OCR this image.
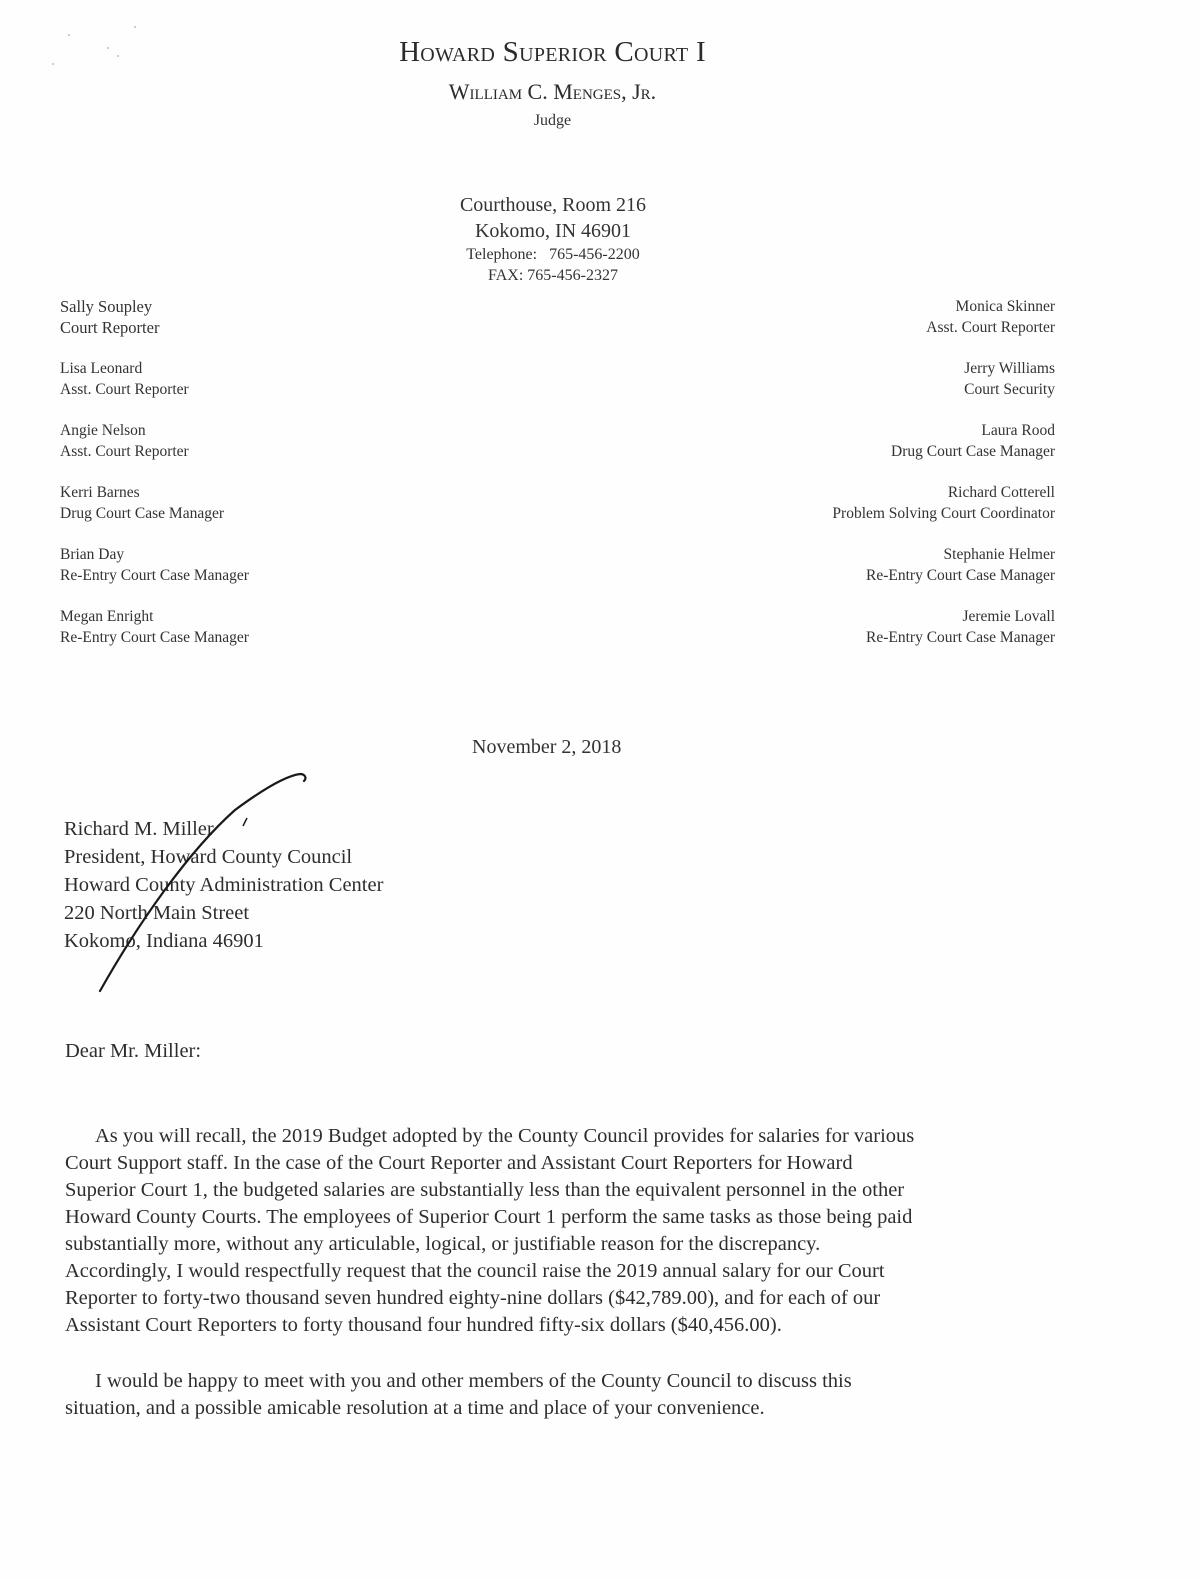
Howard Superior Court I
William C. Menges, Jr.
Judge
Courthouse, Room 216
Kokomo, IN 46901
Telephone: 765-456-2200
FAX: 765-456-2327
Sally Soupley
Court Reporter
Lisa Leonard
Asst. Court Reporter
Angie Nelson
Asst. Court Reporter
Kerri Barnes
Drug Court Case Manager
Brian Day
Re-Entry Court Case Manager
Megan Enright
Re-Entry Court Case Manager
Monica Skinner
Asst. Court Reporter
Jerry Williams
Court Security
Laura Rood
Drug Court Case Manager
Richard Cotterell
Problem Solving Court Coordinator
Stephanie Helmer
Re-Entry Court Case Manager
Jeremie Lovall
Re-Entry Court Case Manager
November 2, 2018
Richard M. Miller
President, Howard County Council
Howard County Administration Center
220 North Main Street
Kokomo, Indiana 46901
Dear Mr. Miller:
As you will recall, the 2019 Budget adopted by the County Council provides for salaries for various
Court Support staff. In the case of the Court Reporter and Assistant Court Reporters for Howard
Superior Court 1, the budgeted salaries are substantially less than the equivalent personnel in the other
Howard County Courts. The employees of Superior Court 1 perform the same tasks as those being paid
substantially more, without any articulable, logical, or justifiable reason for the discrepancy.
Accordingly, I would respectfully request that the council raise the 2019 annual salary for our Court
Reporter to forty-two thousand seven hundred eighty-nine dollars ($42,789.00), and for each of our
Assistant Court Reporters to forty thousand four hundred fifty-six dollars ($40,456.00).
I would be happy to meet with you and other members of the County Council to discuss this
situation, and a possible amicable resolution at a time and place of your convenience.
